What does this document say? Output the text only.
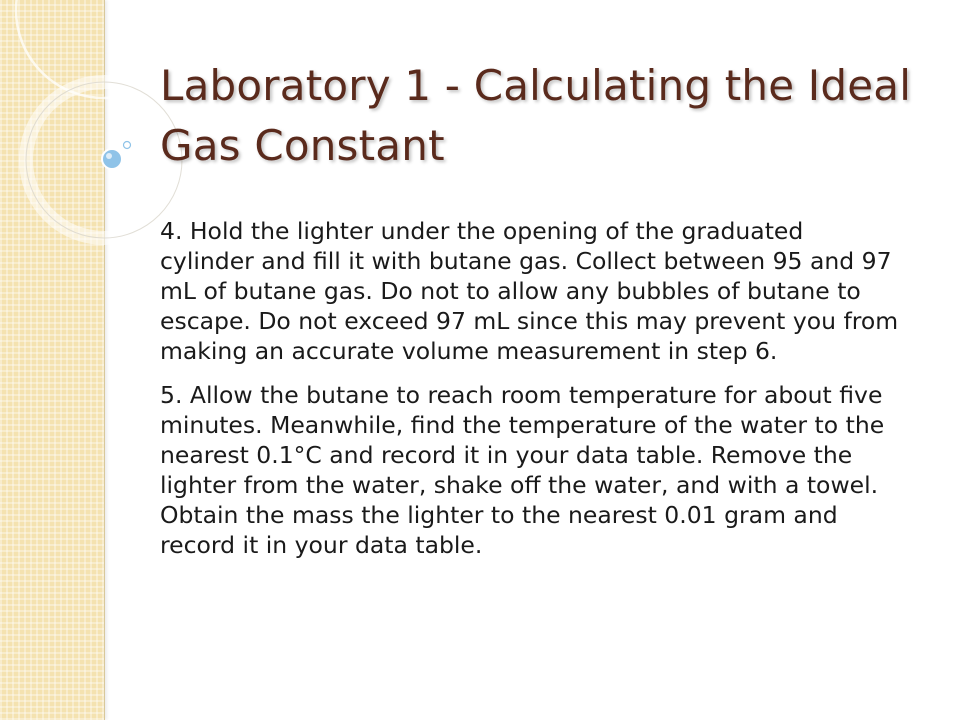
Laboratory 1 - Calculating the Ideal Gas Constant

4. Hold the lighter under the opening of the graduated cylinder and fill it with butane gas. Collect between 95 and 97 mL of butane gas. Do not to allow any bubbles of butane to escape. Do not exceed 97 mL since this may prevent you from making an accurate volume measurement in step 6.

5. Allow the butane to reach room temperature for about five minutes. Meanwhile, find the temperature of the water to the nearest 0.1°C and record it in your data table. Remove the lighter from the water, shake off the water, and with a towel. Obtain the mass the lighter to the nearest 0.01 gram and record it in your data table.
